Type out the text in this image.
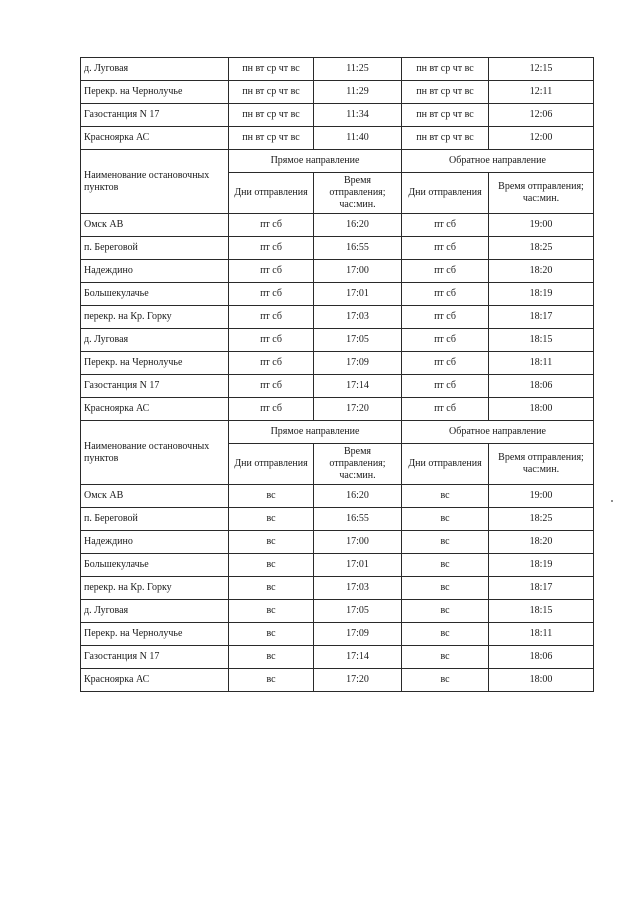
д. Луговая	пн вт ср чт вс	11:25	пн вт ср чт вс	12:15
Перекр. на Чернолучье	пн вт ср чт вс	11:29	пн вт ср чт вс	12:11
Газостанция N 17	пн вт ср чт вс	11:34	пн вт ср чт вс	12:06
Красноярка АС	пн вт ср чт вс	11:40	пн вт ср чт вс	12:00
Наименование остановочных пунктов	Прямое направление		Обратное направление	
	Дни отправления	Время отправления; час:мин.	Дни отправления	Время отправления; час:мин.
Омск АВ	пт сб	16:20	пт сб	19:00
п. Береговой	пт сб	16:55	пт сб	18:25
Надеждино	пт сб	17:00	пт сб	18:20
Большекулачье	пт сб	17:01	пт сб	18:19
перекр. на Кр. Горку	пт сб	17:03	пт сб	18:17
д. Луговая	пт сб	17:05	пт сб	18:15
Перекр. на Чернолучье	пт сб	17:09	пт сб	18:11
Газостанция N 17	пт сб	17:14	пт сб	18:06
Красноярка АС	пт сб	17:20	пт сб	18:00
Наименование остановочных пунктов	Прямое направление		Обратное направление	
	Дни отправления	Время отправления; час:мин.	Дни отправления	Время отправления; час:мин.
Омск АВ	вс	16:20	вс	19:00
п. Береговой	вс	16:55	вс	18:25
Надеждино	вс	17:00	вс	18:20
Большекулачье	вс	17:01	вс	18:19
перекр. на Кр. Горку	вс	17:03	вс	18:17
д. Луговая	вс	17:05	вс	18:15
Перекр. на Чернолучье	вс	17:09	вс	18:11
Газостанция N 17	вс	17:14	вс	18:06
Красноярка АС	вс	17:20	вс	18:00
